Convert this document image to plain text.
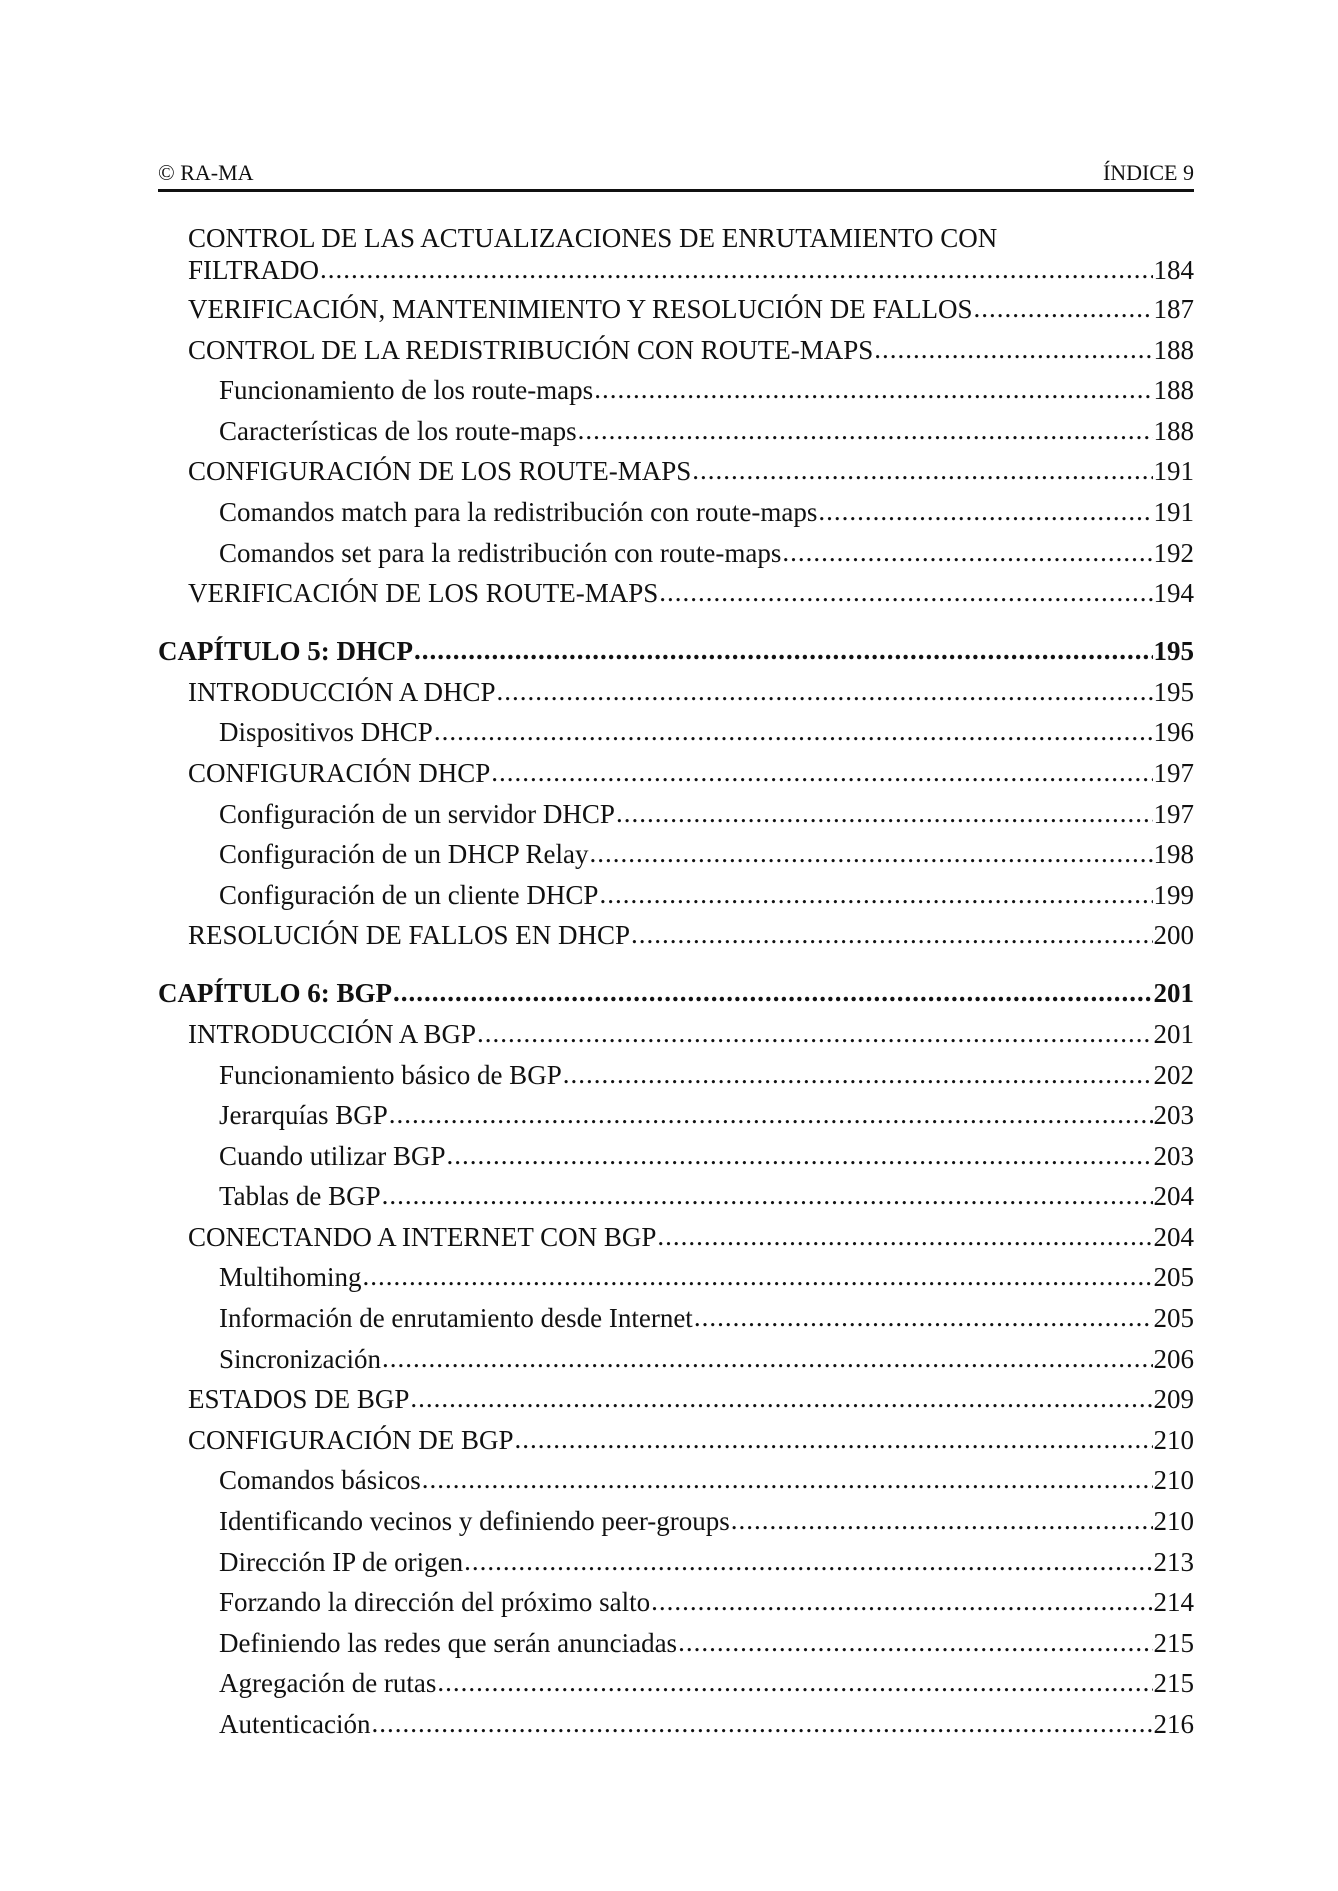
© RA-MA	ÍNDICE 9
CONTROL DE LAS ACTUALIZACIONES DE ENRUTAMIENTO CON
FILTRADO .....	184
VERIFICACIÓN, MANTENIMIENTO Y RESOLUCIÓN DE FALLOS .....	187
CONTROL DE LA REDISTRIBUCIÓN CON ROUTE-MAPS .....	188
Funcionamiento de los route-maps .....	188
Características de los route-maps .....	188
CONFIGURACIÓN DE LOS ROUTE-MAPS .....	191
Comandos match para la redistribución con route-maps .....	191
Comandos set para la redistribución con route-maps .....	192
VERIFICACIÓN DE LOS ROUTE-MAPS .....	194
CAPÍTULO 5: DHCP .....	195
INTRODUCCIÓN A DHCP .....	195
Dispositivos DHCP .....	196
CONFIGURACIÓN DHCP .....	197
Configuración de un servidor DHCP .....	197
Configuración de un DHCP Relay .....	198
Configuración de un cliente DHCP .....	199
RESOLUCIÓN DE FALLOS EN DHCP .....	200
CAPÍTULO 6: BGP .....	201
INTRODUCCIÓN A BGP .....	201
Funcionamiento básico de BGP .....	202
Jerarquías BGP .....	203
Cuando utilizar BGP .....	203
Tablas de BGP .....	204
CONECTANDO A INTERNET CON BGP .....	204
Multihoming .....	205
Información de enrutamiento desde Internet .....	205
Sincronización .....	206
ESTADOS DE BGP .....	209
CONFIGURACIÓN DE BGP .....	210
Comandos básicos .....	210
Identificando vecinos y definiendo peer-groups .....	210
Dirección IP de origen .....	213
Forzando la dirección del próximo salto .....	214
Definiendo las redes que serán anunciadas .....	215
Agregación de rutas .....	215
Autenticación .....	216
